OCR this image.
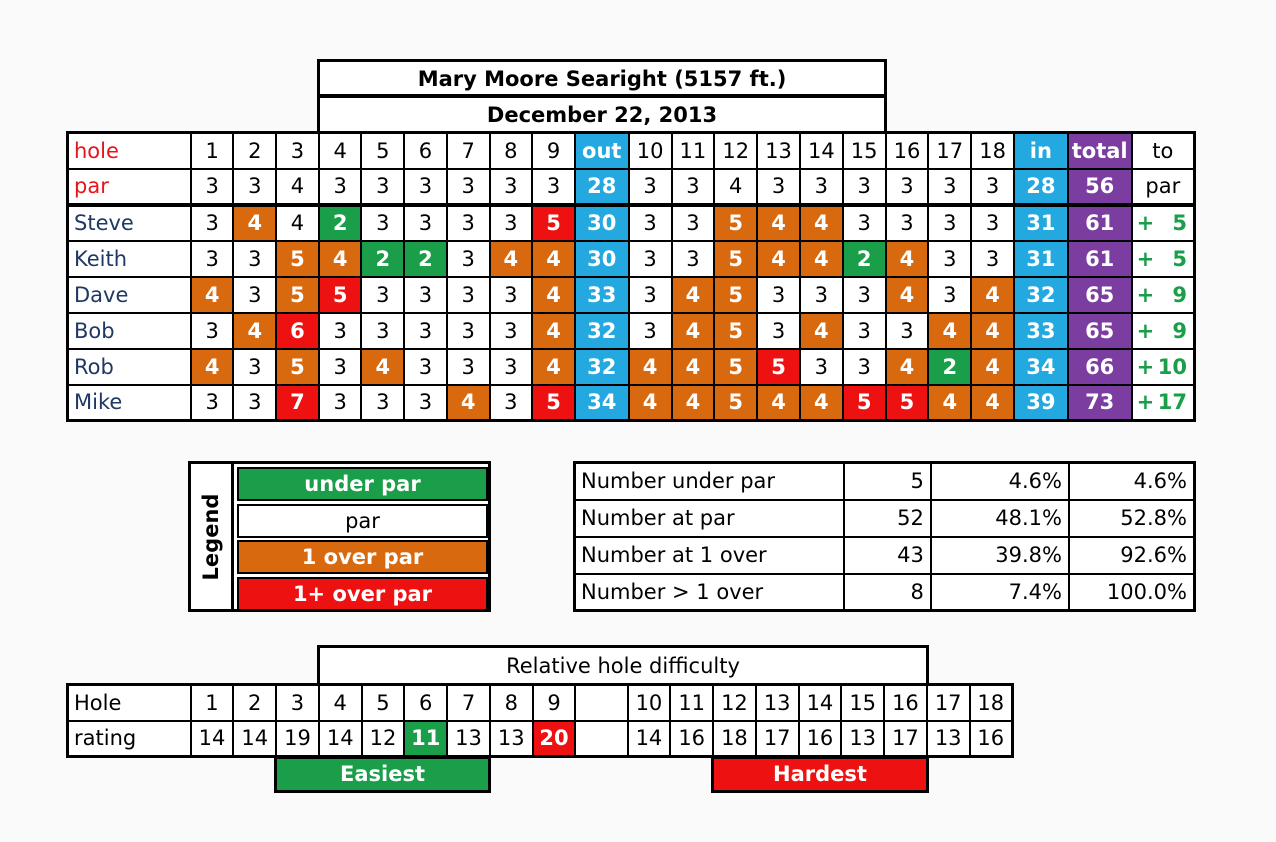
Mary Moore Searight (5157 ft.)
December 22, 2013
hole	1	2	3	4	5	6	7	8	9	out	10	11	12	13	14	15	16	17	18	in	total	to
par	3	3	4	3	3	3	3	3	3	28	3	3	4	3	3	3	3	3	3	28	56	par
Steve	3	4	4	2	3	3	3	3	5	30	3	3	5	4	4	3	3	3	3	31	61	+ 5

Keith	3	3	5	4	2	2	3	4	4	30	3	3	5	4	4	2	4	3	3	31	61	+ 5

Dave	4	3	5	5	3	3	3	3	4	33	3	4	5	3	3	3	4	3	4	32	65	+ 9

Bob	3	4	6	3	3	3	3	3	4	32	3	4	5	3	4	3	3	4	4	33	65	+ 9

Rob	4	3	5	3	4	3	3	3	4	32	4	4	5	5	3	3	4	2	4	34	66	+ 10

Mike	3	3	7	3	3	3	4	3	5	34	4	4	5	4	4	5	5	4	4	39	73	+ 17
Legend
under par
par
1 over par
1+ over par
Number under par	5	4.6%	4.6%
Number at par	52	48.1%	52.8%
Number at 1 over	43	39.8%	92.6%
Number > 1 over	8	7.4%	100.0%
Relative hole difficulty
Hole	1	2	3	4	5	6	7	8	9		10	11	12	13	14	15	16	17	18
rating	14	14	19	14	12	11	13	13	20		14	16	18	17	16	13	17	13	16
Easiest	Hardest
